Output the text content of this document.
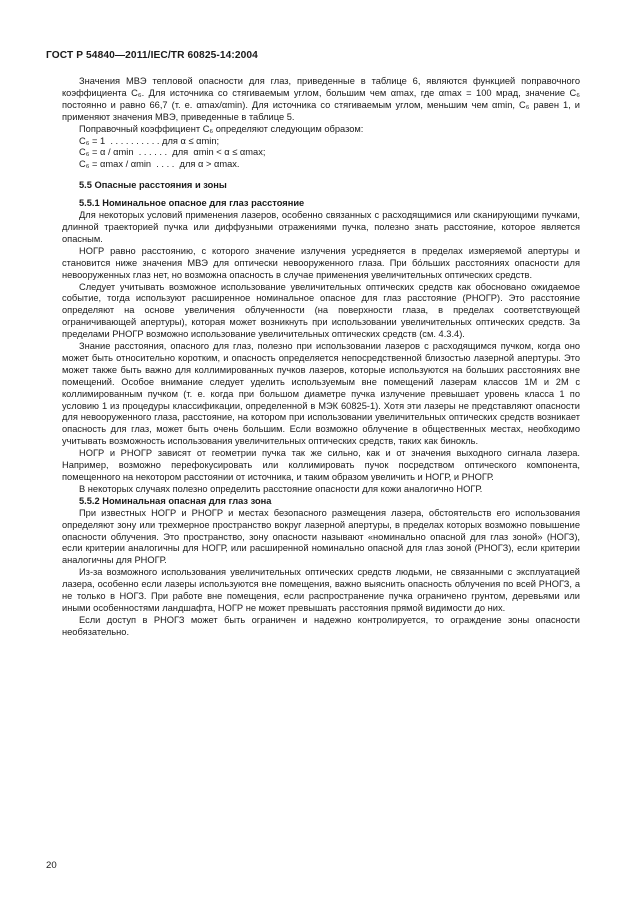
ГОСТ Р 54840—2011/IEC/TR 60825-14:2004

Значения МВЭ тепловой опасности для глаз, приведенные в таблице 6, являются функцией поправочного коэффициента C₆. Для источника со стягиваемым углом, большим чем αmax, где αmax = 100 мрад, значение C₆ постоянно и равно 66,7 (т. е. αmax/αmin). Для источника со стягиваемым углом, меньшим чем αmin, C₆ равен 1, и применяют значения МВЭ, приведенные в таблице 5.

Поправочный коэффициент C₆ определяют следующим образом:

C₆ = 1  . . . . . . . . . . для α ≤ αmin;
C₆ = α / αmin  . . . . . .  для  αmin < α ≤ αmax;
C₆ = αmax / αmin  . . . .  для α > αmax.
5.5 Опасные расстояния и зоны
5.5.1 Номинальное опасное для глаз расстояние

Для некоторых условий применения лазеров, особенно связанных с расходящимися или сканирующими пучками, длинной траекторией пучка или диффузными отражениями пучка, полезно знать расстояние, которое является опасным.

НОГР равно расстоянию, с которого значение излучения усредняется в пределах измеряемой апертуры и становится ниже значения МВЭ для оптически невооруженного глаза. При бо́льших расстояниях опасности для невооруженных глаз нет, но возможна опасность в случае применения увеличительных оптических средств.

Следует учитывать возможное использование увеличительных оптических средств как обосновано ожидаемое событие, тогда используют расширенное номинальное опасное для глаз расстояние (РНОГР). Это расстояние определяют на основе увеличения облученности (на поверхности глаза, в пределах соответствующей ограничивающей апертуры), которая может возникнуть при использовании увеличительных оптических средств. За пределами РНОГР возможно использование увеличительных оптических средств (см. 4.3.4).

Знание расстояния, опасного для глаз, полезно при использовании лазеров с расходящимся пучком, когда оно может быть относительно коротким, и опасность определяется непосредственной близостью лазерной апертуры. Это может также быть важно для коллимированных пучков лазеров, которые используются на больших расстояниях вне помещений. Особое внимание следует уделить используемым вне помещений лазерам классов 1М и 2М с коллимированным пучком (т. е. когда при большом диаметре пучка излучение превышает уровень класса 1 по условию 1 из процедуры классификации, определенной в МЭК 60825-1). Хотя эти лазеры не представляют опасности для невооруженного глаза, расстояние, на котором при использовании увеличительных оптических средств возникает опасность для глаз, может быть очень большим. Если возможно облучение в общественных местах, необходимо учитывать возможность использования увеличительных оптических средств, таких как бинокль.

НОГР и РНОГР зависят от геометрии пучка так же сильно, как и от значения выходного сигнала лазера. Например, возможно перефокусировать или коллимировать пучок посредством оптического компонента, помещенного на некотором расстоянии от источника, и таким образом увеличить и НОГР, и РНОГР.

В некоторых случаях полезно определить расстояние опасности для кожи аналогично НОГР.

5.5.2 Номинальная опасная для глаз зона

При известных НОГР и РНОГР и местах безопасного размещения лазера, обстоятельств его использования определяют зону или трехмерное пространство вокруг лазерной апертуры, в пределах которых возможно повышение опасности облучения. Это пространство, зону опасности называют «номинально опасной для глаз зоной» (НОГЗ), если критерии аналогичны для НОГР, или расширенной номинально опасной для глаз зоной (РНОГЗ), если критерии аналогичны для РНОГР.

Из-за возможного использования увеличительных оптических средств людьми, не связанными с эксплуатацией лазера, особенно если лазеры используются вне помещения, важно выяснить опасность облучения по всей РНОГЗ, а не только в НОГЗ. При работе вне помещения, если распространение пучка ограничено грунтом, деревьями или иными особенностями ландшафта, НОГР не может превышать расстояния прямой видимости до них.

Если доступ в РНОГЗ может быть ограничен и надежно контролируется, то ограждение зоны опасности необязательно.

20
